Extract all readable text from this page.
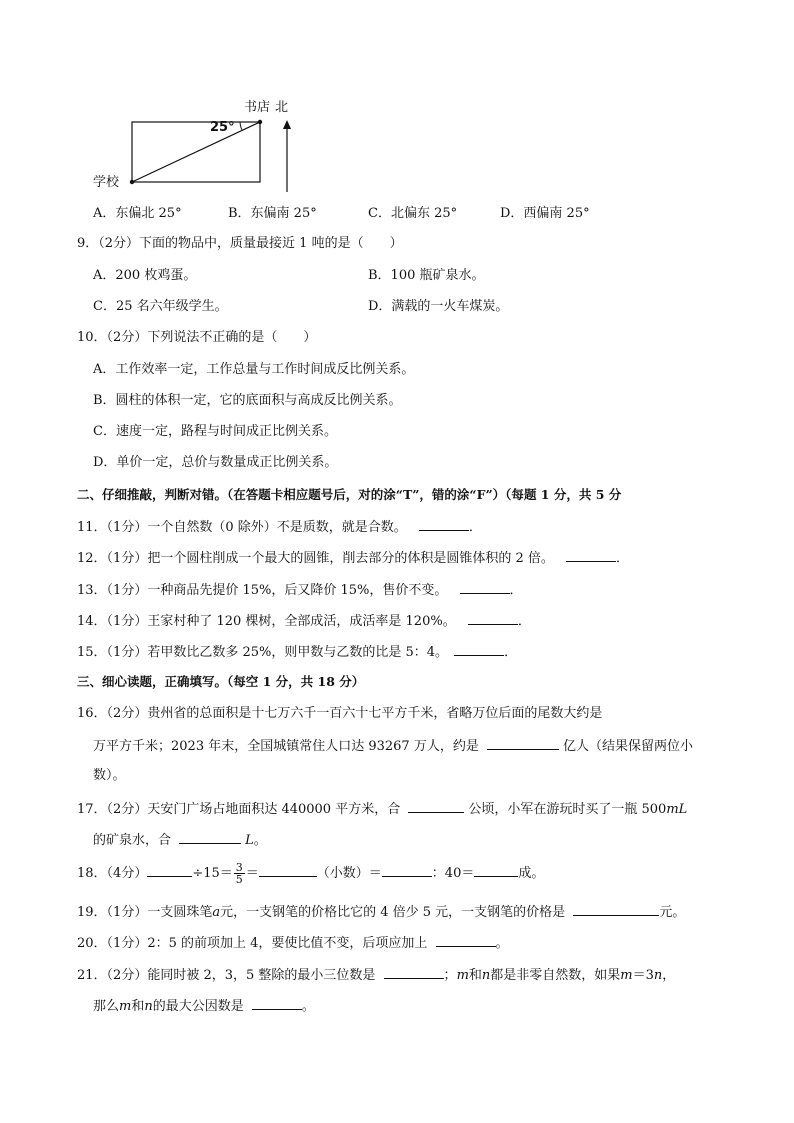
书店 北
25°
学校
A．东偏北 25°	B．东偏南 25°	C．北偏东 25°	D．西偏南 25°
9．（2分）下面的物品中，质量最接近 1 吨的是（　　）
A．200 枚鸡蛋。	B．100 瓶矿泉水。
C．25 名六年级学生。	D．满载的一火车煤炭。
10．（2分）下列说法不正确的是（　　）
A．工作效率一定，工作总量与工作时间成反比例关系。
B．圆柱的体积一定，它的底面积与高成反比例关系。
C．速度一定，路程与时间成正比例关系。
D．单价一定，总价与数量成正比例关系。
二、仔细推敲，判断对错。（在答题卡相应题号后，对的涂“T”，错的涂“F”）（每题 1 分，共 5 分
11．（1分）一个自然数（0 除外）不是质数，就是合数。	．
12．（1分）把一个圆柱削成一个最大的圆锥，削去部分的体积是圆锥体积的 2 倍。	．
13．（1分）一种商品先提价 15%，后又降价 15%，售价不变。	．
14．（1分）王家村种了 120 棵树，全部成活，成活率是 120%。	．
15．（1分）若甲数比乙数多 25%，则甲数与乙数的比是 5：4。	．
三、细心读题，正确填写。（每空 1 分，共 18 分）
16．（2分）贵州省的总面积是十七万六千一百六十七平方千米，省略万位后面的尾数大约是
万平方千米；2023 年末，全国城镇常住人口达 93267 万人，约是	亿人（结果保留两位小
数）。
17．（2分）天安门广场占地面积达 440000 平方米，合	公顷，小军在游玩时买了一瓶 500mL
的矿泉水，合	L。
18．（4分）	$\div 15= \frac{3}{5}$ ＝	（小数）＝	：40＝	成。
19．（1分）一支圆珠笔a元，一支钢笔的价格比它的 4 倍少 5 元，一支钢笔的价格是	元。
20．（1分）2：5 的前项加上 4，要使比值不变，后项应加上	。
21．（2分）能同时被 2，3，5 整除的最小三位数是	；m和n都是非零自然数，如果m＝3n，
那么m和n的最大公因数是	。
